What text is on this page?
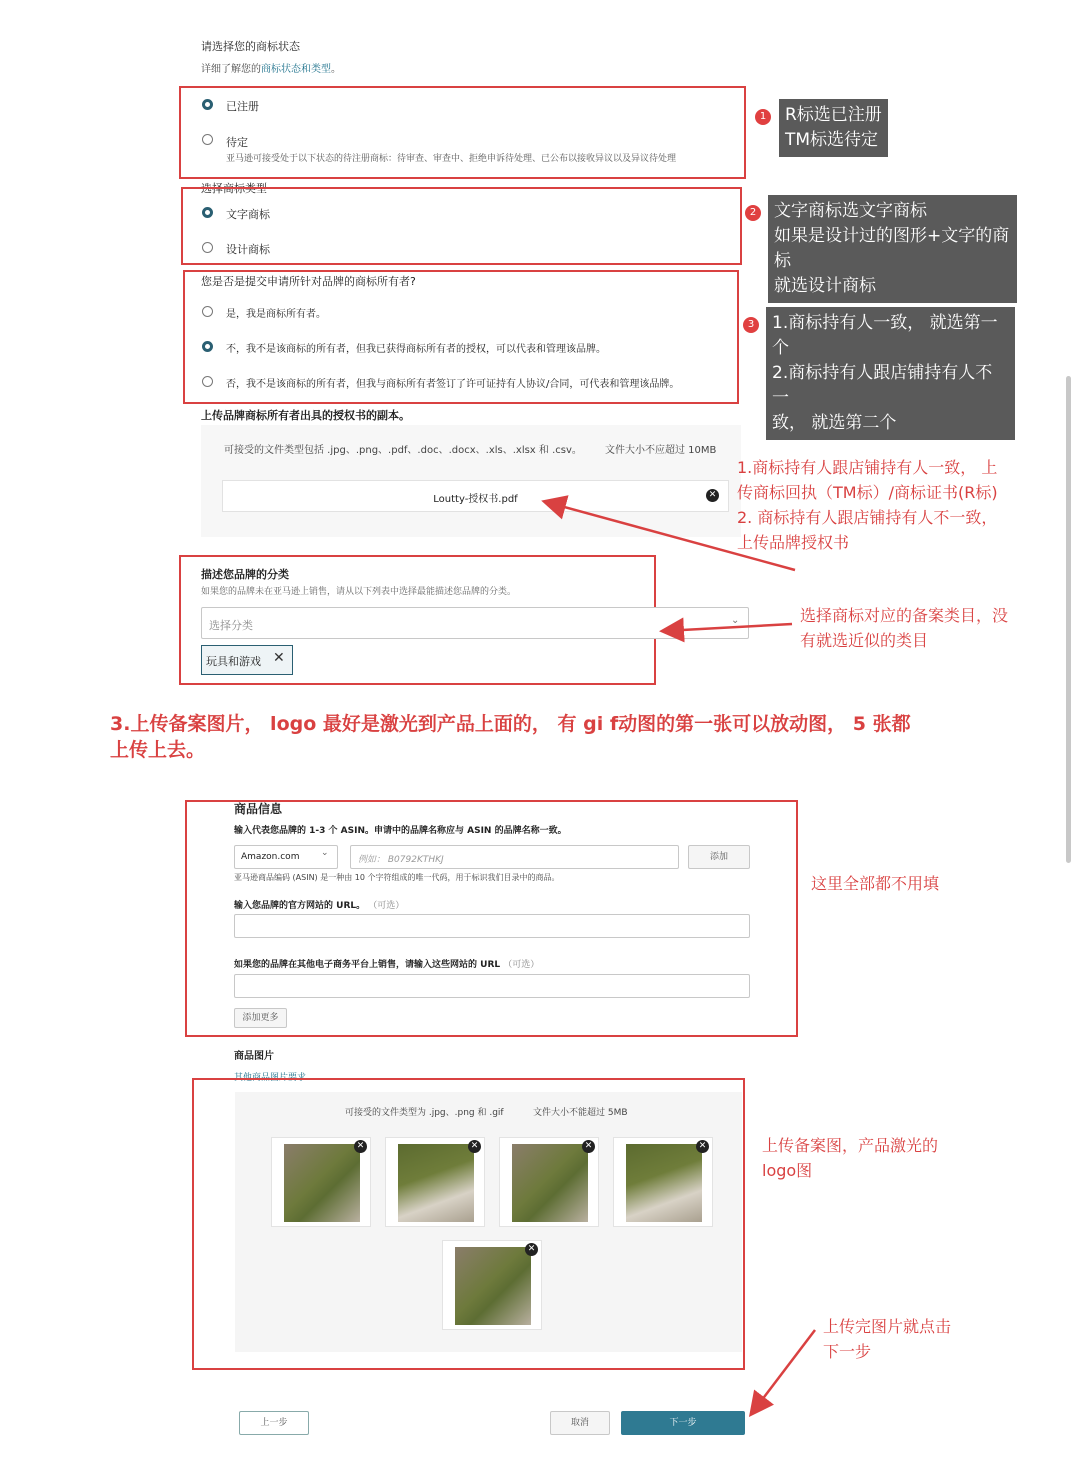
请选择您的商标状态
详细了解您的商标状态和类型。
已注册
待定
亚马逊可接受处于以下状态的待注册商标：待审查、审查中、拒绝申诉待处理、已公布以接收异议以及异议待处理
选择商标类型
文字商标
设计商标
您是否是提交申请所针对品牌的商标所有者?
是，我是商标所有者。
不，我不是该商标的所有者，但我已获得商标所有者的授权，可以代表和管理该品牌。
否，我不是该商标的所有者，但我与商标所有者签订了许可证持有人协议/合同，可代表和管理该品牌。
上传品牌商标所有者出具的授权书的副本。
可接受的文件类型包括 .jpg、.png、.pdf、.doc、.docx、.xls、.xlsx 和 .csv。 文件大小不应超过 10MB
Loutty-授权书.pdf	✕
描述您品牌的分类
如果您的品牌未在亚马逊上销售，请从以下列表中选择最能描述您品牌的分类。
选择分类	⌄
玩具和游戏 ✕
3.上传备案图片， logo 最好是激光到产品上面的， 有 gi f动图的第一张可以放动图， 5 张都
上传上去。
商品信息
输入代表您品牌的 1-3 个 ASIN。申请中的品牌名称应与 ASIN 的品牌名称一致。
Amazon.com ⌄
例如： B0792KTHKJ	添加
亚马逊商品编码 (ASIN) 是一种由 10 个字符组成的唯一代码，用于标识我们目录中的商品。
输入您品牌的官方网站的 URL。 （可选）
如果您的品牌在其他电子商务平台上销售，请输入这些网站的 URL （可选）
添加更多
商品图片
其他商品图片要求
可接受的文件类型为 .jpg、.png 和 .gif	文件大小不能超过 5MB
✕	✕	✕	✕
✕
上一步	取消	下一步
1 R标选已注册
TM标选待定
2 文字商标选文字商标
如果是设计过的图形+文字的商标
就选设计商标
3 1.商标持有人一致， 就选第一个
2.商标持有人跟店铺持有人不一
致， 就选第二个
1.商标持有人跟店铺持有人一致， 上
传商标回执（TM标）/商标证书(R标)
2. 商标持有人跟店铺持有人不一致，
上传品牌授权书
选择商标对应的备案类目，没
有就选近似的类目
这里全部都不用填
上传备案图，产品激光的
logo图
上传完图片就点击
下一步
